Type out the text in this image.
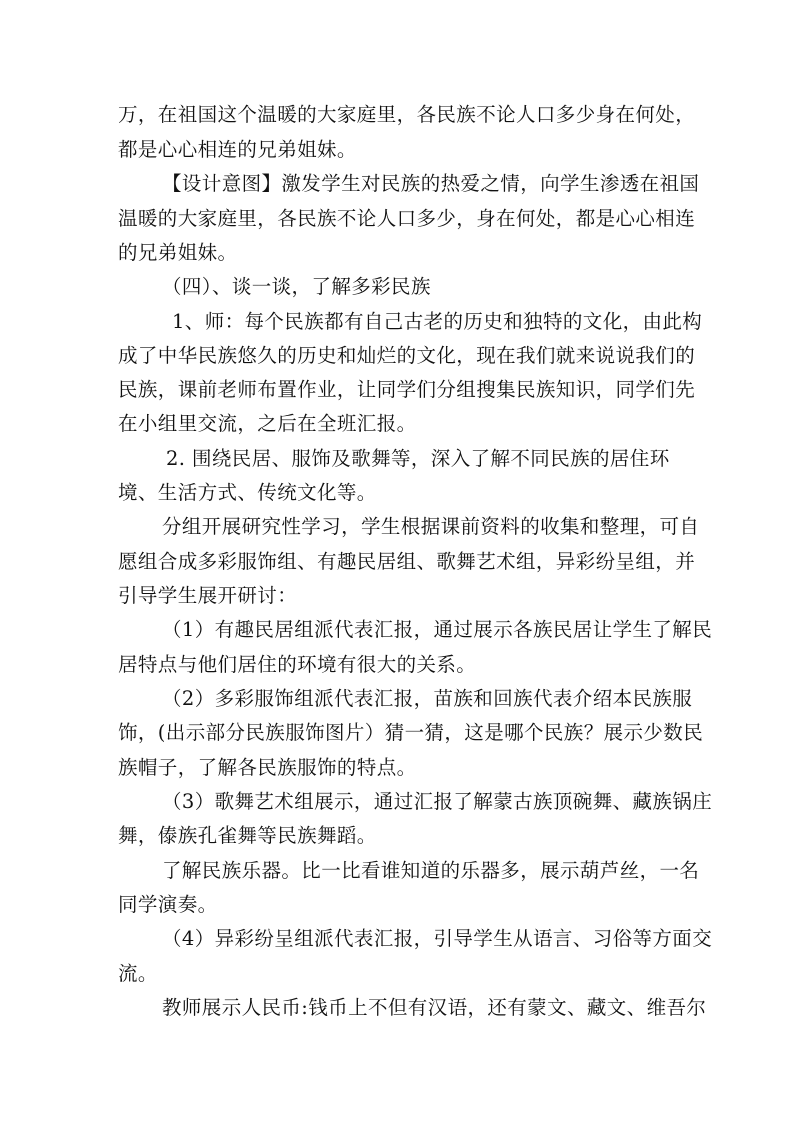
万，在祖国这个温暖的大家庭里，各民族不论人口多少身在何处，
都是心心相连的兄弟姐妹。
【设计意图】激发学生对民族的热爱之情，向学生渗透在祖国
温暖的大家庭里，各民族不论人口多少，身在何处，都是心心相连
的兄弟姐妹。
（四）、谈一谈，了解多彩民族
1、师：每个民族都有自己古老的历史和独特的文化，由此构
成了中华民族悠久的历史和灿烂的文化，现在我们就来说说我们的
民族，课前老师布置作业，让同学们分组搜集民族知识，同学们先
在小组里交流，之后在全班汇报。
2. 围绕民居、服饰及歌舞等，深入了解不同民族的居住环
境、生活方式、传统文化等。
分组开展研究性学习，学生根据课前资料的收集和整理，可自
愿组合成多彩服饰组、有趣民居组、歌舞艺术组，异彩纷呈组，并
引导学生展开研讨：
（1）有趣民居组派代表汇报，通过展示各族民居让学生了解民
居特点与他们居住的环境有很大的关系。
（2）多彩服饰组派代表汇报，苗族和回族代表介绍本民族服
饰，(出示部分民族服饰图片）猜一猜，这是哪个民族？展示少数民
族帽子，了解各民族服饰的特点。
（3）歌舞艺术组展示，通过汇报了解蒙古族顶碗舞、藏族锅庄
舞，傣族孔雀舞等民族舞蹈。
了解民族乐器。比一比看谁知道的乐器多，展示葫芦丝，一名
同学演奏。
（4）异彩纷呈组派代表汇报，引导学生从语言、习俗等方面交
流。
教师展示人民币:钱币上不但有汉语，还有蒙文、藏文、维吾尔
